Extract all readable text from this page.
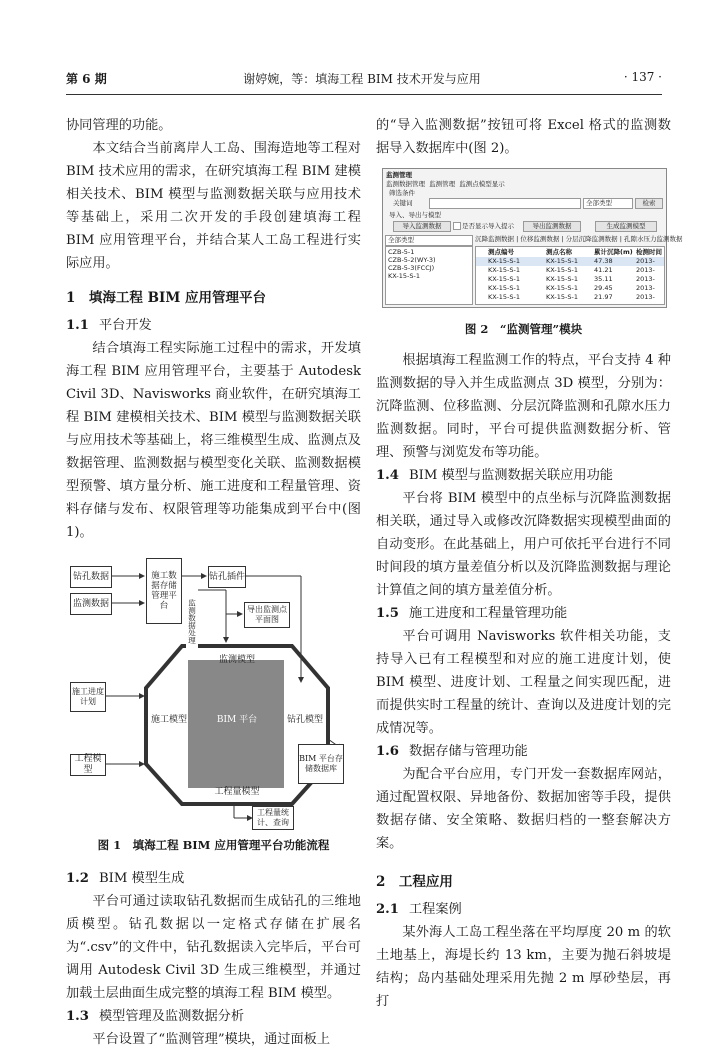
第 6 期	谢婷婉，等：填海工程 BIM 技术开发与应用	· 137 ·

协同管理的功能。

本文结合当前离岸人工岛、围海造地等工程对 BIM 技术应用的需求，在研究填海工程 BIM 建模相关技术、BIM 模型与监测数据关联与应用技术等基础上，采用二次开发的手段创建填海工程 BIM 应用管理平台，并结合某人工岛工程进行实际应用。

1　填海工程 BIM 应用管理平台

1.1 平台开发

结合填海工程实际施工过程中的需求，开发填海工程 BIM 应用管理平台，主要基于 Autodesk Civil 3D、Navisworks 商业软件，在研究填海工程 BIM 建模相关技术、BIM 模型与监测数据关联与应用技术等基础上，将三维模型生成、监测点及数据管理、监测数据与模型变化关联、监测数据模型预警、填方量分析、施工进度和工程量管理、资料存储与发布、权限管理等功能集成到平台中(图 1)。

钻孔数据
监测数据
施工数据存储管理平台
钻孔插件
监测数据处理	导出监测点平面图
施工进度计划
工程模型
监测模型
施工模型	BIM 平台	钻孔模型
工程量模型
BIM 平台存储数据库
工程量统计、查询

图 1　填海工程 BIM 应用管理平台功能流程

1.2 BIM 模型生成

平台可通过读取钻孔数据而生成钻孔的三维地质模型。钻孔数据以一定格式存储在扩展名为“.csv”的文件中，钻孔数据读入完毕后，平台可调用 Autodesk Civil 3D 生成三维模型，并通过加载土层曲面生成完整的填海工程 BIM 模型。

1.3 模型管理及监测数据分析

平台设置了“监测管理”模块，通过面板上

的“导入监测数据”按钮可将 Excel 格式的监测数据导入数据库中(图 2)。

监测管理
监测数据管理 监测管理 监测点模型显示
筛选条件
关键词	全部类型	检索
导入、导出与模型
导入监测数据	是否显示导入提示	导出监测数据	生成监测模型
全部类型
CZB-5-1
CZB-5-2(WY-3)
CZB-5-3(FCCJ)
KX-15-S-1
沉降监测数据 | 位移监测数据 | 分层沉降监测数据 | 孔隙水压力监测数据
测点编号	测点名称	累计沉降(m) 检测时间
KX-15-S-1	KX-15-S-1 47.38	2013-
KX-15-S-1	KX-15-S-1 41.21	2013-
KX-15-S-1	KX-15-S-1 35.11	2013-
KX-15-S-1	KX-15-S-1 29.45	2013-
KX-15-S-1	KX-15-S-1 21.97	2013-

图 2　“监测管理”模块

根据填海工程监测工作的特点，平台支持 4 种监测数据的导入并生成监测点 3D 模型，分别为：沉降监测、位移监测、分层沉降监测和孔隙水压力监测数据。同时，平台可提供监测数据分析、管理、预警与浏览发布等功能。

1.4 BIM 模型与监测数据关联应用功能

平台将 BIM 模型中的点坐标与沉降监测数据相关联，通过导入或修改沉降数据实现模型曲面的自动变形。在此基础上，用户可依托平台进行不同时间段的填方量差值分析以及沉降监测数据与理论计算值之间的填方量差值分析。

1.5 施工进度和工程量管理功能

平台可调用 Navisworks 软件相关功能，支持导入已有工程模型和对应的施工进度计划，使 BIM 模型、进度计划、工程量之间实现匹配，进而提供实时工程量的统计、查询以及进度计划的完成情况等。

1.6 数据存储与管理功能

为配合平台应用，专门开发一套数据库网站，通过配置权限、异地备份、数据加密等手段，提供数据存储、安全策略、数据归档的一整套解决方案。

2　工程应用

2.1 工程案例

某外海人工岛工程坐落在平均厚度 20 m 的软土地基上，海堤长约 13 km，主要为抛石斜坡堤结构；岛内基础处理采用先抛 2 m 厚砂垫层，再打
